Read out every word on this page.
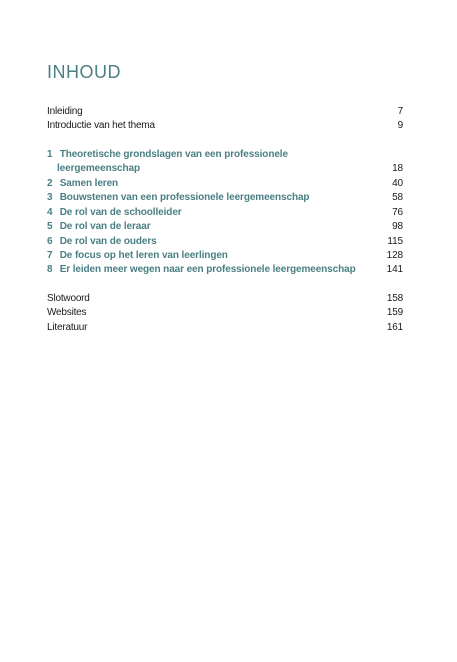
INHOUD
Inleiding	7
Introductie van het thema	9
1 Theoretische grondslagen van een professionele
leergemeenschap	18
2 Samen leren	40
3 Bouwstenen van een professionele leergemeenschap	58
4 De rol van de schoolleider	76
5 De rol van de leraar	98
6 De rol van de ouders	115
7 De focus op het leren van leerlingen	128
8 Er leiden meer wegen naar een professionele leergemeenschap	141
Slotwoord	158
Websites	159
Literatuur	161
